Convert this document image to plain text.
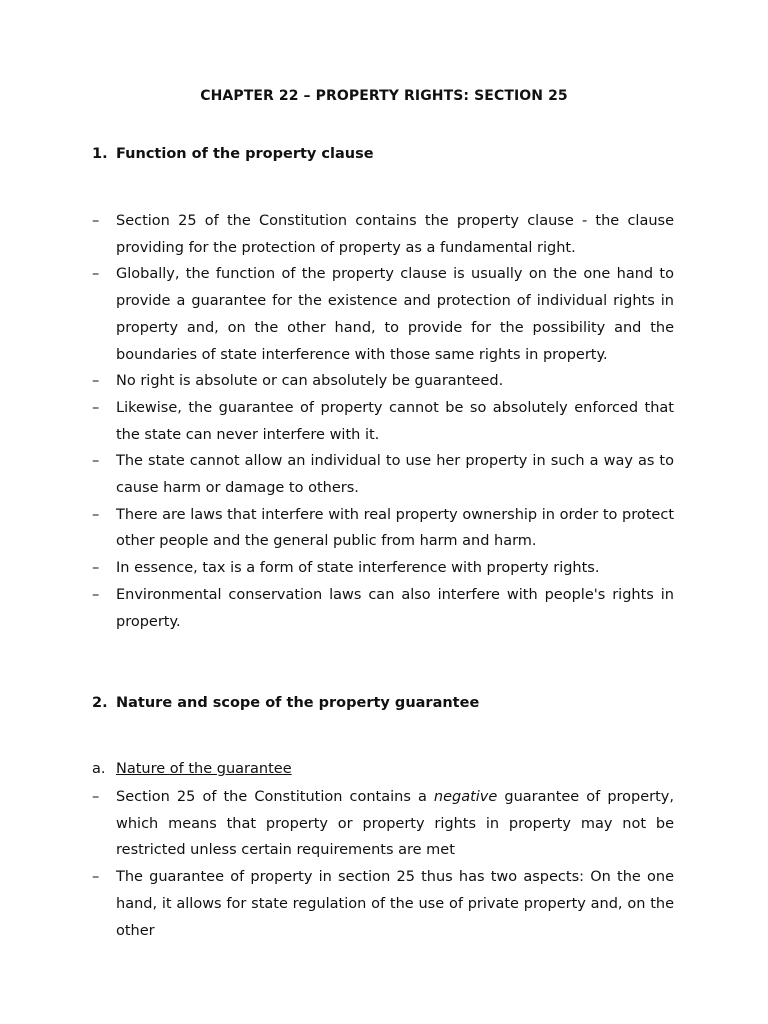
CHAPTER 22 – PROPERTY RIGHTS: SECTION 25
1. Function of the property clause
– Section 25 of the Constitution contains the property clause - the clause providing for the protection of property as a fundamental right.
– Globally, the function of the property clause is usually on the one hand to provide a guarantee for the existence and protection of individual rights in property and, on the other hand, to provide for the possibility and the boundaries of state interference with those same rights in property.
– No right is absolute or can absolutely be guaranteed.
– Likewise, the guarantee of property cannot be so absolutely enforced that the state can never interfere with it.
– The state cannot allow an individual to use her property in such a way as to cause harm or damage to others.
– There are laws that interfere with real property ownership in order to protect other people and the general public from harm and harm.
– In essence, tax is a form of state interference with property rights.
– Environmental conservation laws can also interfere with people's rights in property.
2. Nature and scope of the property guarantee
a. Nature of the guarantee
– Section 25 of the Constitution contains a negative guarantee of property, which means that property or property rights in property may not be restricted unless certain requirements are met
– The guarantee of property in section 25 thus has two aspects: On the one hand, it allows for state regulation of the use of private property and, on the other
